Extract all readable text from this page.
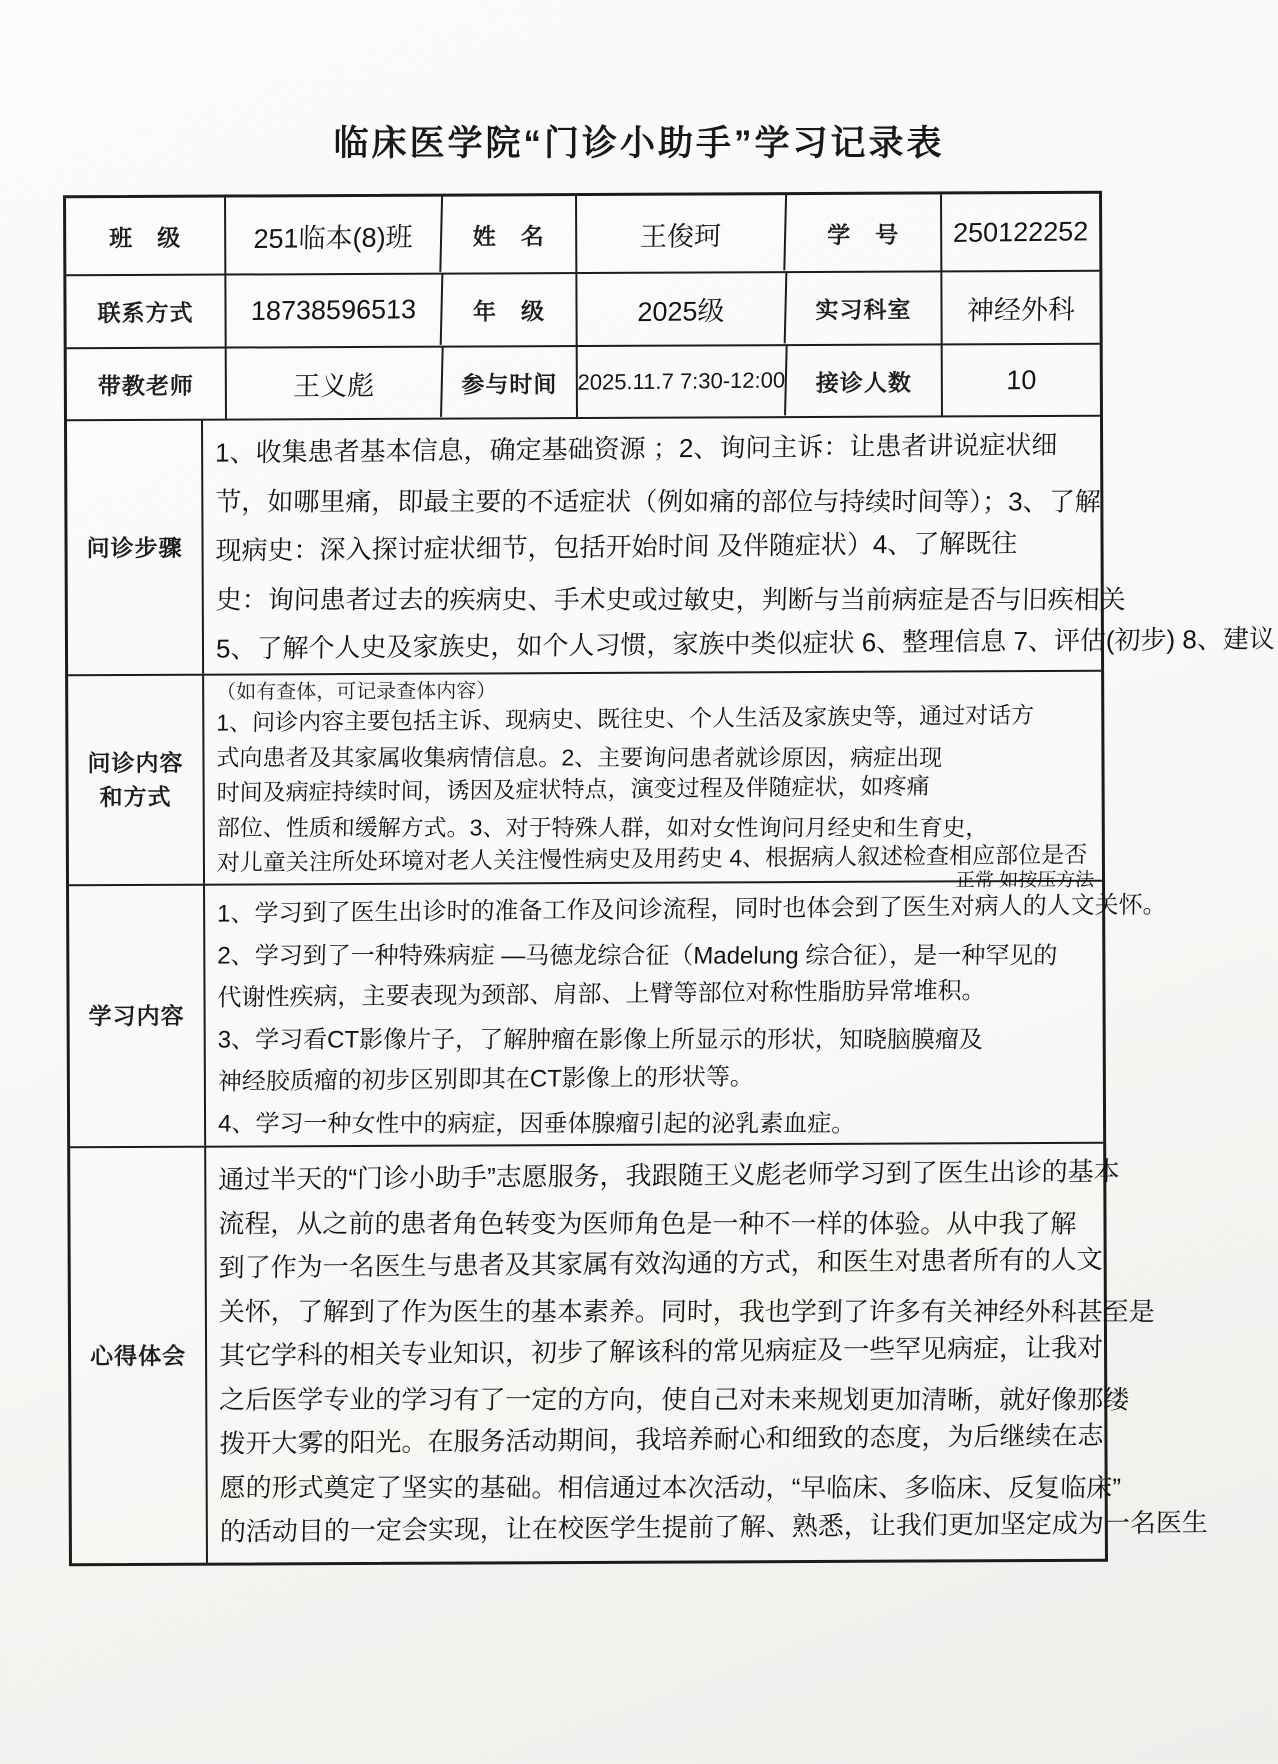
临床医学院“门诊小助手”学习记录表
班　级	251临本(8)班	姓　名	王俊珂	学　号	250122252
联系方式	18738596513	年　级	2025级	实习科室	神经外科
带教老师	王义彪	参与时间 2025.11.7 7:30-12:00	接诊人数	10
问诊步骤
1、收集患者基本信息，确定基础资源 ；2、询问主诉：让患者讲说症状细
节，如哪里痛，即最主要的不适症状（例如痛的部位与持续时间等）；3、了解
现病史：深入探讨症状细节，包括开始时间 及伴随症状）4、了解既往
史：询问患者过去的疾病史、手术史或过敏史，判断与当前病症是否与旧疾相关
5、了解个人史及家族史，如个人习惯，家族中类似症状 6、整理信息 7、评估(初步) 8、建议
问诊内容和方式
（如有查体，可记录查体内容）
1、问诊内容主要包括主诉、现病史、既往史、个人生活及家族史等，通过对话方
式向患者及其家属收集病情信息。2、主要询问患者就诊原因，病症出现
时间及病症持续时间，诱因及症状特点，演变过程及伴随症状，如疼痛
部位、性质和缓解方式。3、对于特殊人群，如对女性询问月经史和生育史，
对儿童关注所处环境对老人关注慢性病史及用药史 4、根据病人叙述检查相应部位是否
正常 如按压方法
学习内容
1、学习到了医生出诊时的准备工作及问诊流程，同时也体会到了医生对病人的人文关怀。
2、学习到了一种特殊病症 —马德龙综合征（Madelung 综合征），是一种罕见的
代谢性疾病，主要表现为颈部、肩部、上臂等部位对称性脂肪异常堆积。
3、学习看CT影像片子，了解肿瘤在影像上所显示的形状，知晓脑膜瘤及
神经胶质瘤的初步区别即其在CT影像上的形状等。
4、学习一种女性中的病症，因垂体腺瘤引起的泌乳素血症。
心得体会
通过半天的“门诊小助手”志愿服务，我跟随王义彪老师学习到了医生出诊的基本
流程，从之前的患者角色转变为医师角色是一种不一样的体验。从中我了解
到了作为一名医生与患者及其家属有效沟通的方式，和医生对患者所有的人文
关怀，了解到了作为医生的基本素养。同时，我也学到了许多有关神经外科甚至是
其它学科的相关专业知识，初步了解该科的常见病症及一些罕见病症，让我对
之后医学专业的学习有了一定的方向，使自己对未来规划更加清晰，就好像那缕
拨开大雾的阳光。在服务活动期间，我培养耐心和细致的态度，为后继续在志
愿的形式奠定了坚实的基础。相信通过本次活动，“早临床、多临床、反复临床”
的活动目的一定会实现，让在校医学生提前了解、熟悉，让我们更加坚定成为一名医生
